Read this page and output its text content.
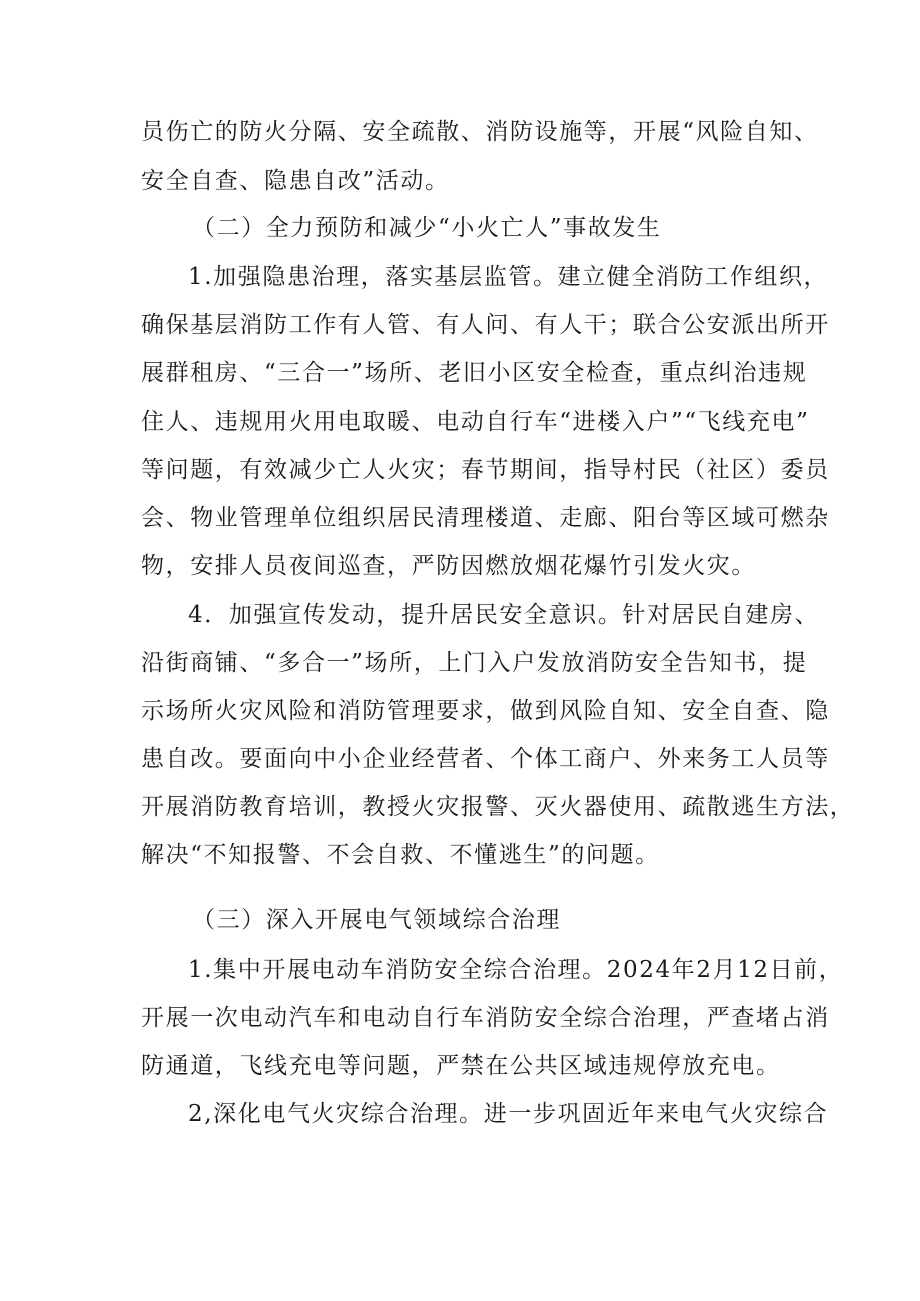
员伤亡的防火分隔、安全疏散、消防设施等，开展“风险自知、
安全自查、隐患自改”活动。
（二）全力预防和减少“小火亡人”事故发生
1.加强隐患治理，落实基层监管。建立健全消防工作组织，
确保基层消防工作有人管、有人问、有人干；联合公安派出所开
展群租房、“三合一”场所、老旧小区安全检查，重点纠治违规
住人、违规用火用电取暖、电动自行车“进楼入户”“飞线充电”
等问题，有效减少亡人火灾；春节期间，指导村民（社区）委员
会、物业管理单位组织居民清理楼道、走廊、阳台等区域可燃杂
物，安排人员夜间巡查，严防因燃放烟花爆竹引发火灾。
4．加强宣传发动，提升居民安全意识。针对居民自建房、
沿街商铺、“多合一”场所，上门入户发放消防安全告知书，提
示场所火灾风险和消防管理要求，做到风险自知、安全自查、隐
患自改。要面向中小企业经营者、个体工商户、外来务工人员等
开展消防教育培训，教授火灾报警、灭火器使用、疏散逃生方法，
解决“不知报警、不会自救、不懂逃生”的问题。
（三）深入开展电气领域综合治理
1.集中开展电动车消防安全综合治理。2024年2月12日前，
开展一次电动汽车和电动自行车消防安全综合治理，严查堵占消
防通道，飞线充电等问题，严禁在公共区域违规停放充电。
2,深化电气火灾综合治理。进一步巩固近年来电气火灾综合
